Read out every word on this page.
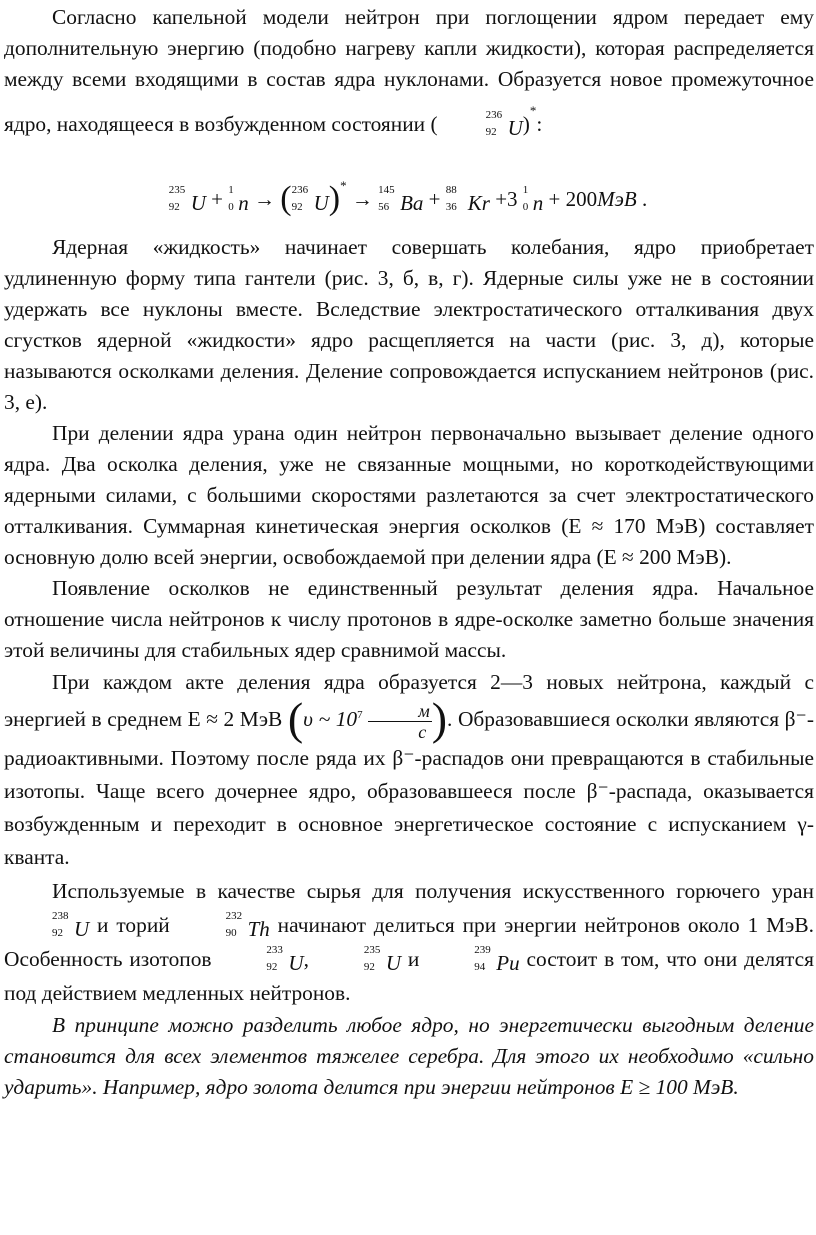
Согласно капельной модели нейтрон при поглощении ядром передает ему дополнительную энергию (подобно нагреву капли жидкости), которая распределяется между всеми входящими в состав ядра нуклонами. Образуется новое промежуточное ядро, находящееся в возбужденном состоянии (	236
92 U)*:

235
92 U + 1
0 n → ( 236
92 U)* → 145
56 Ba + 88
36 Kr +3 1
0 n + 200МэВ .

Ядерная «жидкость» начинает совершать колебания, ядро приобретает удлиненную форму типа гантели (рис. 3, б, в, г). Ядерные силы уже не в состоянии удержать все нуклоны вместе. Вследствие электростатического отталкивания двух сгустков ядерной «жидкости» ядро расщепляется на части (рис. 3, д), которые называются осколками деления. Деление сопровождается испусканием нейтронов (рис. 3, е).

При делении ядра урана один нейтрон первоначально вызывает деление одного ядра. Два осколка деления, уже не связанные мощными, но короткодействующими ядерными силами, с большими скоростями разлетаются за счет электростатического отталкивания. Суммарная кинетическая энергия осколков (Е ≈ 170 МэВ) составляет основную долю всей энергии, освобождаемой при делении ядра (Е ≈ 200 МэВ).

Появление осколков не единственный результат деления ядра. Начальное отношение числа нейтронов к числу протонов в ядре-осколке заметно больше значения этой величины для стабильных ядер сравнимой массы.

При каждом акте деления ядра образуется 2—3 новых нейтрона, каждый с энергией в среднем Е ≈ 2 МэВ (υ ~ $10^7 \frac{м}{с}$ ). Образовавшиеся осколки являются β⁻-радиоактивными. Поэтому после ряда их β⁻-распадов они превращаются в стабильные изотопы. Чаще всего дочернее ядро, образовавшееся после β⁻-распада, оказывается возбужденным и переходит в основное энергетическое состояние с испусканием γ-кванта.

Используемые в качестве сырья для получения искусственного горючего уран
238
92 U и торий	232
90 Th начинают делиться при энергии нейтронов около 1 МэВ. Особенность изотопов	233
92 U,	235
92 U и	239
94 Pu состоит в том, что они делятся под действием медленных нейтронов.

В принципе можно разделить любое ядро, но энергетически выгодным деление становится для всех элементов тяжелее серебра. Для этого их необходимо «сильно ударить». Например, ядро золота делится при энергии нейтронов Е ≥ 100 МэВ.
